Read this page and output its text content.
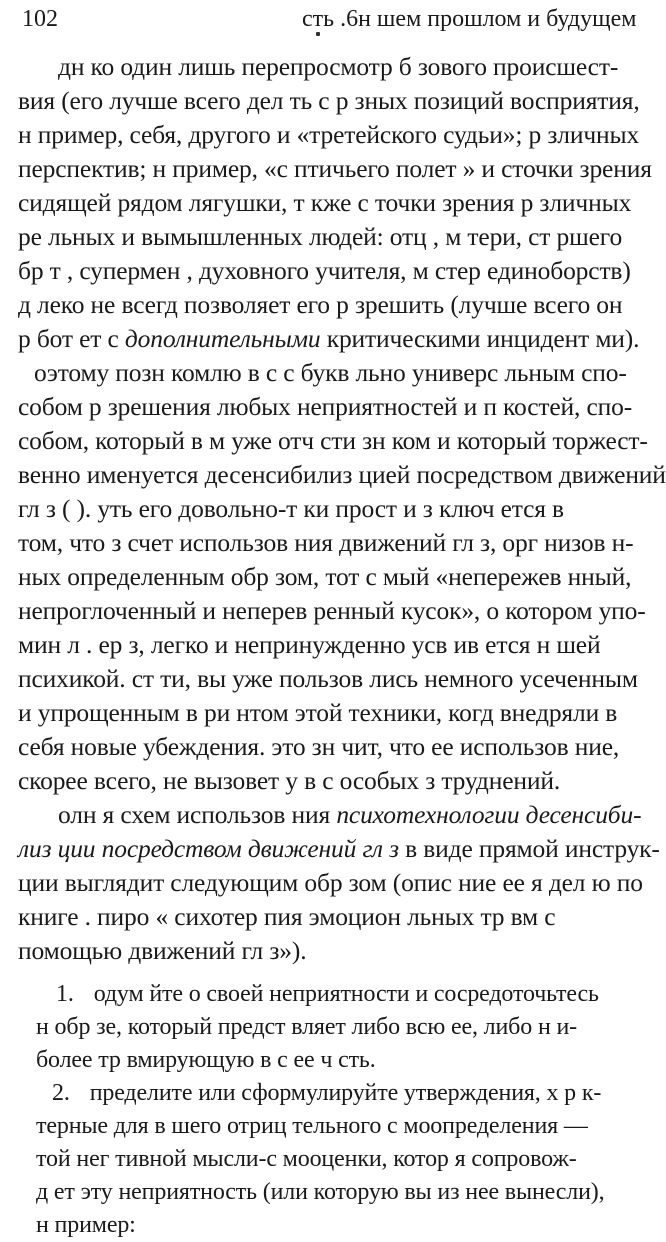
102	сть .6н шем прошлом и будущем
дн ко один лишь перепросмотр б зового происшест-
вия (его лучше всего дел ть с р зных позиций восприятия,
н пример, себя, другого и «третейского судьи»; р зличных
перспектив; н пример, «с птичьего полет » и сточки зрения
сидящей рядом лягушки, т кже с точки зрения р зличных
ре льных и вымышленных людей: отц , м тери, ст ршего
бр т , супермен , духовного учителя, м стер единоборств)
д леко не всегд позволяет его р зрешить (лучше всего он
р бот ет с дополнительными критическими инцидент ми).
оэтому позн комлю в с с букв льно универс льным спо-
собом р зрешения любых неприятностей и п костей, спо-
собом, который в м уже отч сти зн ком и который торжест-
венно именуется десенсибилиз цией посредством движений
гл з ( ). уть его довольно-т ки прост и з ключ ется в
том, что з счет использов ния движений гл з, орг низов н-
ных определенным обр зом, тот с мый «непережев нный,
непроглоченный и неперев ренный кусок», о котором упо-
мин л . ер з, легко и непринужденно усв ив ется н шей
психикой. ст ти, вы уже пользов лись немного усеченным
и упрощенным в ри нтом этой техники, когд внедряли в
себя новые убеждения. это зн чит, что ее использов ние,
скорее всего, не вызовет у в с особых з труднений.
олн я схем использов ния психотехнологии десенсиби-
лиз ции посредством движений гл з в виде прямой инструк-
ции выглядит следующим обр зом (опис ние ее я дел ю по
книге . пиро « сихотер пия эмоцион льных тр вм с
помощью движений гл з»).
1. одум йте о своей неприятности и сосредоточьтесь
н обр зе, который предст вляет либо всю ее, либо н и-
более тр вмирующую в с ее ч сть.
2. пределите или сформулируйте утверждения, х р к-
терные для в шего отриц тельного с моопределения —
той нег тивной мысли-с мооценки, котор я сопровож-
д ет эту неприятность (или которую вы из нее вынесли),
н пример:
